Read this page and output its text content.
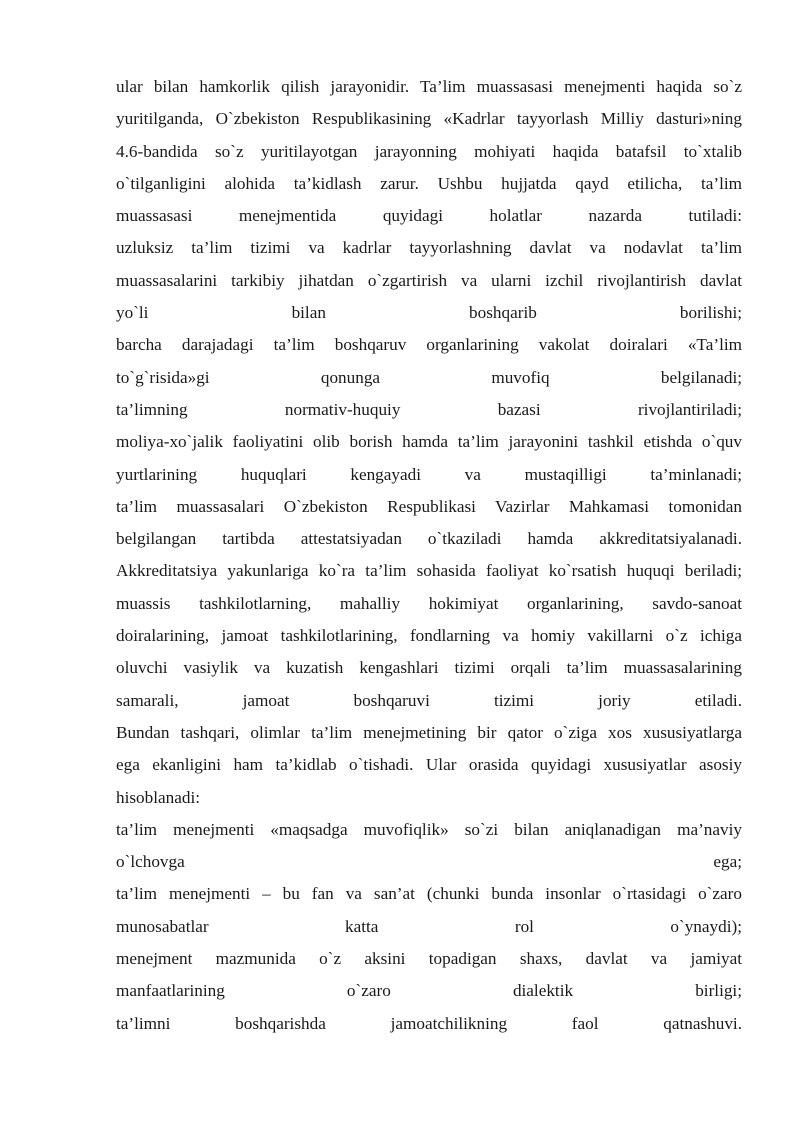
ular bilan hamkorlik qilish jarayonidir. Ta’lim muassasasi menejmenti haqida so`z
yuritilganda, O`zbekiston Respublikasining «Kadrlar tayyorlash Milliy dasturi»ning
4.6-bandida so`z yuritilayotgan jarayonning mohiyati haqida batafsil to`xtalib
o`tilganligini alohida ta’kidlash zarur. Ushbu hujjatda qayd etilicha, ta’lim
muassasasi menejmentida quyidagi holatlar nazarda tutiladi:
uzluksiz ta’lim tizimi va kadrlar tayyorlashning davlat va nodavlat ta’lim
muassasalarini tarkibiy jihatdan o`zgartirish va ularni izchil rivojlantirish davlat
yo`li bilan boshqarib borilishi;
barcha darajadagi ta’lim boshqaruv organlarining vakolat doiralari «Ta’lim
to`g`risida»gi qonunga muvofiq belgilanadi;
ta’limning normativ-huquiy bazasi rivojlantiriladi;
moliya-xo`jalik faoliyatini olib borish hamda ta’lim jarayonini tashkil etishda o`quv
yurtlarining huquqlari kengayadi va mustaqilligi ta’minlanadi;
ta’lim muassasalari O`zbekiston Respublikasi Vazirlar Mahkamasi tomonidan
belgilangan tartibda attestatsiyadan o`tkaziladi hamda akkreditatsiyalanadi.
Akkreditatsiya yakunlariga ko`ra ta’lim sohasida faoliyat ko`rsatish huquqi beriladi;
muassis tashkilotlarning, mahalliy hokimiyat organlarining, savdo-sanoat
doiralarining, jamoat tashkilotlarining, fondlarning va homiy vakillarni o`z ichiga
oluvchi vasiylik va kuzatish kengashlari tizimi orqali ta’lim muassasalarining
samarali, jamoat boshqaruvi tizimi joriy etiladi.
Bundan tashqari, olimlar ta’lim menejmetining bir qator o`ziga xos xususiyatlarga
ega ekanligini ham ta’kidlab o`tishadi. Ular orasida quyidagi xususiyatlar asosiy
hisoblanadi:
ta’lim menejmenti «maqsadga muvofiqlik» so`zi bilan aniqlanadigan ma’naviy
o`lchovga ega;
ta’lim menejmenti – bu fan va san’at (chunki bunda insonlar o`rtasidagi o`zaro
munosabatlar katta rol o`ynaydi);
menejment mazmunida o`z aksini topadigan shaxs, davlat va jamiyat
manfaatlarining o`zaro dialektik birligi;
ta’limni boshqarishda jamoatchilikning faol qatnashuvi.
